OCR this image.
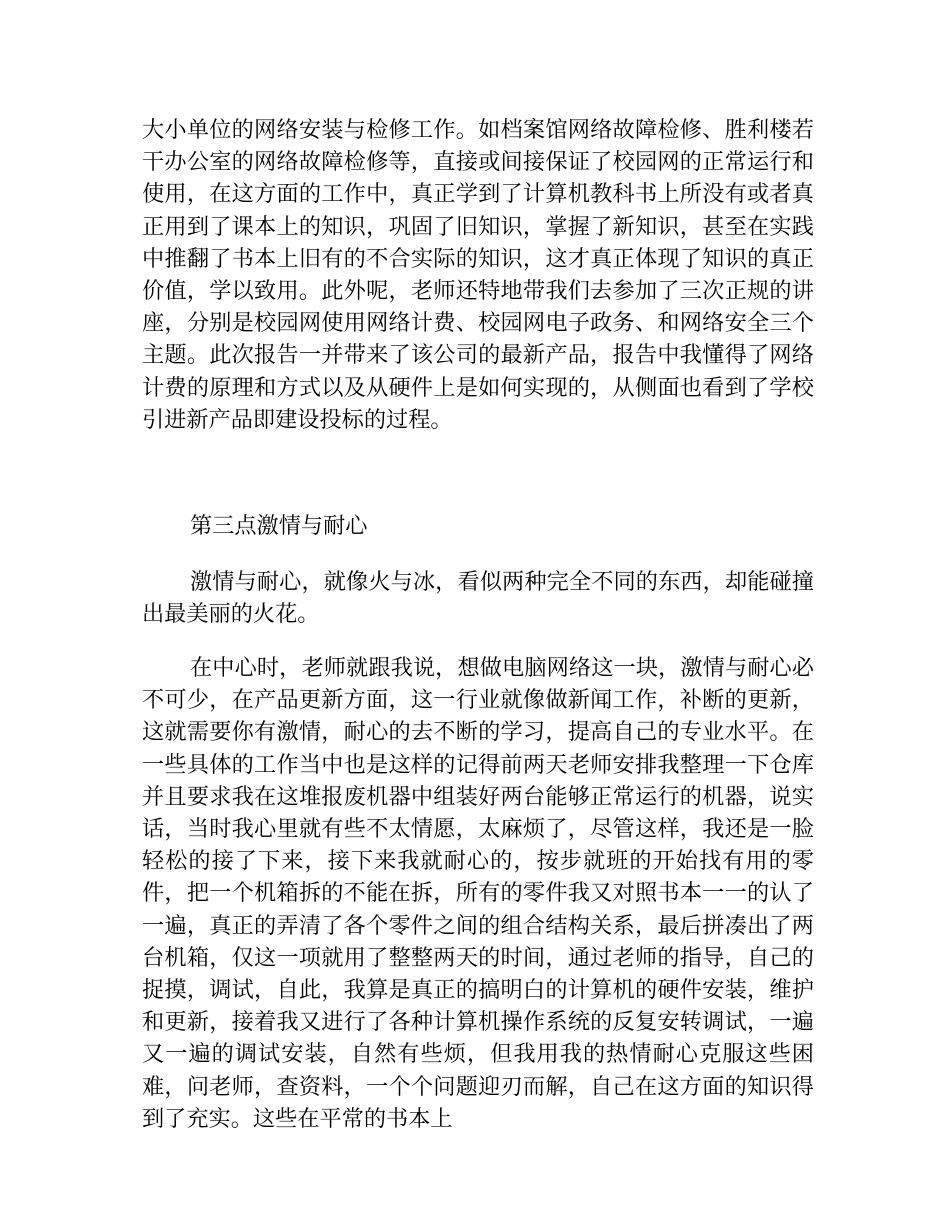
大小单位的网络安装与检修工作。如档案馆网络故障检修、胜利楼若干办公室的网络故障检修等，直接或间接保证了校园网的正常运行和使用，在这方面的工作中，真正学到了计算机教科书上所没有或者真正用到了课本上的知识，巩固了旧知识，掌握了新知识，甚至在实践中推翻了书本上旧有的不合实际的知识，这才真正体现了知识的真正价值，学以致用。此外呢，老师还特地带我们去参加了三次正规的讲座，分别是校园网使用网络计费、校园网电子政务、和网络安全三个主题。此次报告一并带来了该公司的最新产品，报告中我懂得了网络计费的原理和方式以及从硬件上是如何实现的，从侧面也看到了学校引进新产品即建设投标的过程。

第三点激情与耐心

激情与耐心，就像火与冰，看似两种完全不同的东西，却能碰撞出最美丽的火花。

在中心时，老师就跟我说，想做电脑网络这一块，激情与耐心必不可少，在产品更新方面，这一行业就像做新闻工作，补断的更新，这就需要你有激情，耐心的去不断的学习，提高自己的专业水平。在一些具体的工作当中也是这样的记得前两天老师安排我整理一下仓库并且要求我在这堆报废机器中组装好两台能够正常运行的机器，说实话，当时我心里就有些不太情愿，太麻烦了，尽管这样，我还是一脸轻松的接了下来，接下来我就耐心的，按步就班的开始找有用的零件，把一个机箱拆的不能在拆，所有的零件我又对照书本一一的认了一遍，真正的弄清了各个零件之间的组合结构关系，最后拼凑出了两台机箱，仅这一项就用了整整两天的时间，通过老师的指导，自己的捉摸，调试，自此，我算是真正的搞明白的计算机的硬件安装，维护和更新，接着我又进行了各种计算机操作系统的反复安转调试，一遍又一遍的调试安装，自然有些烦，但我用我的热情耐心克服这些困难，问老师，查资料，一个个问题迎刃而解，自己在这方面的知识得到了充实。这些在平常的书本上
